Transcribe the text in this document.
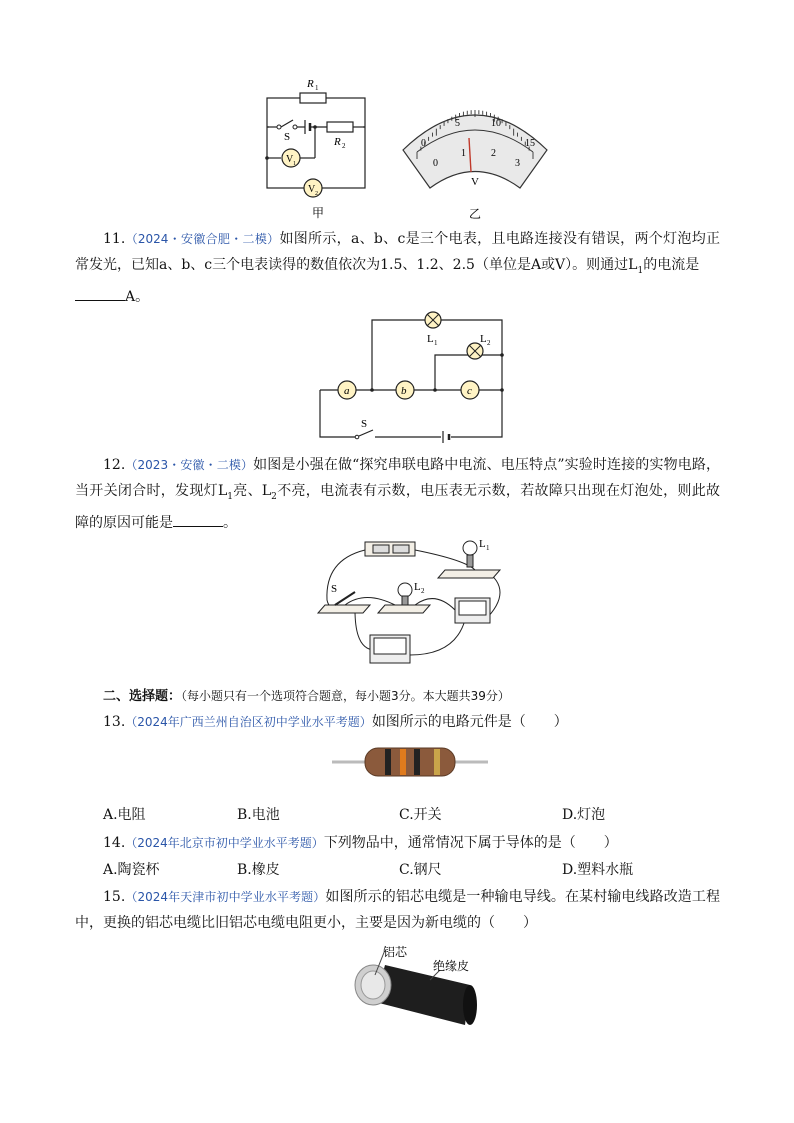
R 1
S	R 2
V 1
V 2
甲
0
5	10
15
0
1	2
3
V
乙
11.（2024・安徽合肥・二模）如图所示，a、b、c是三个电表，且电路连接没有错误，两个灯泡均正常发光，已知a、b、c三个电表读得的数值依次为1.5、1.2、2.5（单位是A或V）。则通过$L_1$的电流是
A。
L 1	L 2
a	b	c
S
12.（2023・安徽・二模）如图是小强在做“探究串联电路中电流、电压特点”实验时连接的实物电路，当开关闭合时，发现灯$L_1$亮、$L_2$不亮，电流表有示数，电压表无示数，若故障只出现在灯泡处，则此故障的原因可能是	。
L 1
S	L 2
二、选择题：（每小题只有一个选项符合题意，每小题3分。本大题共39分）
13.（2024年广西兰州自治区初中学业水平考题）如图所示的电路元件是（　　）
A.电阻	B.电池	C.开关	D.灯泡
14.（2024年北京市初中学业水平考题）下列物品中，通常情况下属于导体的是（　　）
A.陶瓷杯	B.橡皮	C.钢尺	D.塑料水瓶
15.（2024年天津市初中学业水平考题）如图所示的铝芯电缆是一种输电导线。在某村输电线路改造工程中，更换的铝芯电缆比旧铝芯电缆电阻更小，主要是因为新电缆的（　　）
铝芯
绝缘皮
